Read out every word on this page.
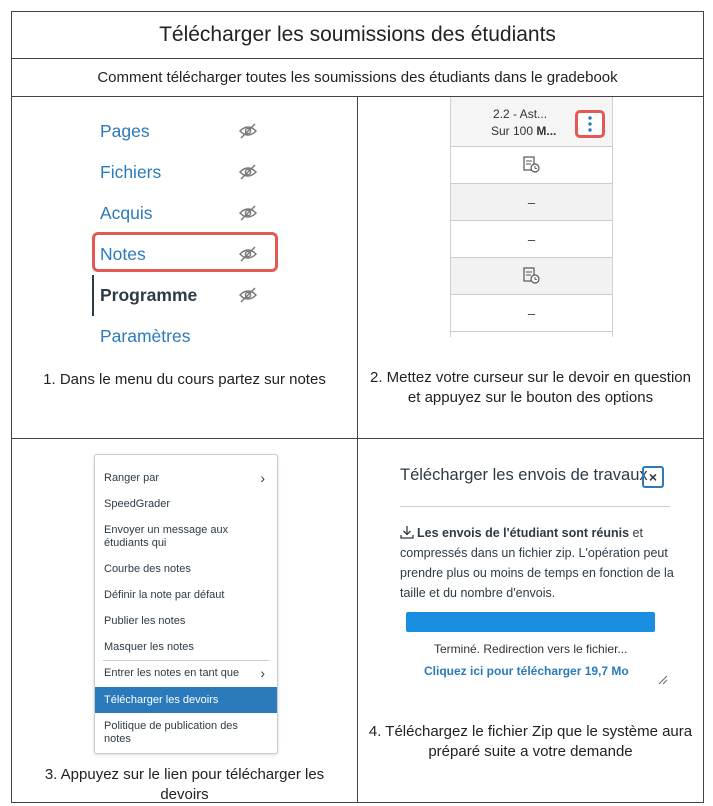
Télécharger les soumissions des étudiants
Comment télécharger toutes les soumissions des étudiants dans le gradebook
Pages
Fichiers
Acquis
Notes
Programme
Paramètres
1. Dans le menu du cours partez sur notes
2.2 - Ast...
Sur 100 M...
–
–
–
2. Mettez votre curseur sur le devoir en question et appuyez sur le bouton des options
Ranger par	›
SpeedGrader
Envoyer un message aux étudiants qui
Courbe des notes
Définir la note par défaut
Publier les notes
Masquer les notes
Entrer les notes en tant que ›
Télécharger les devoirs
Politique de publication des notes
3. Appuyez sur le lien pour télécharger les devoirs
Télécharger les envois de travaux ×
Les envois de l'étudiant sont réunis et compressés dans un fichier zip. L'opération peut prendre plus ou moins de temps en fonction de la taille et du nombre d'envois.
Terminé. Redirection vers le fichier...
Cliquez ici pour télécharger 19,7 Mo
4. Téléchargez le fichier Zip que le système aura préparé suite a votre demande
